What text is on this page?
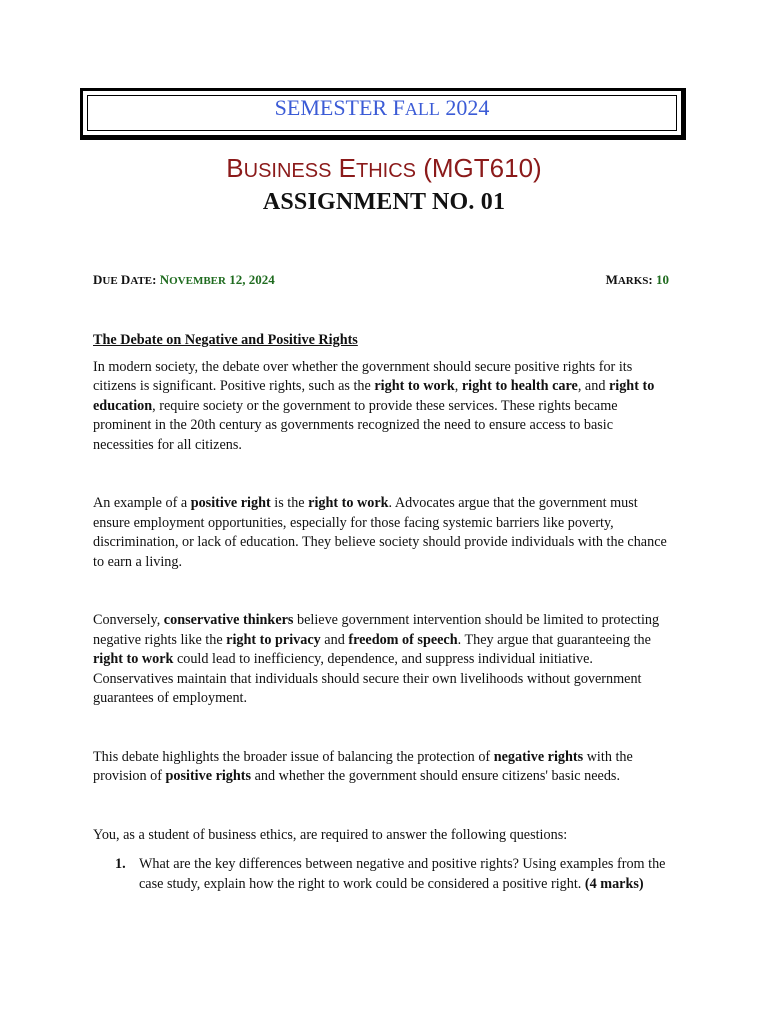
SEMESTER FALL 2024
BUSINESS ETHICS (MGT610)
ASSIGNMENT NO. 01
DUE DATE: NOVEMBER 12, 2024	MARKS: 10
The Debate on Negative and Positive Rights

In modern society, the debate over whether the government should secure positive rights for its citizens is significant. Positive rights, such as the right to work, right to health care, and right to education, require society or the government to provide these services. These rights became prominent in the 20th century as governments recognized the need to ensure access to basic necessities for all citizens.

An example of a positive right is the right to work. Advocates argue that the government must ensure employment opportunities, especially for those facing systemic barriers like poverty, discrimination, or lack of education. They believe society should provide individuals with the chance to earn a living.

Conversely, conservative thinkers believe government intervention should be limited to protecting negative rights like the right to privacy and freedom of speech. They argue that guaranteeing the right to work could lead to inefficiency, dependence, and suppress individual initiative. Conservatives maintain that individuals should secure their own livelihoods without government guarantees of employment.

This debate highlights the broader issue of balancing the protection of negative rights with the provision of positive rights and whether the government should ensure citizens' basic needs.

You, as a student of business ethics, are required to answer the following questions:

1. What are the key differences between negative and positive rights? Using examples from the case study, explain how the right to work could be considered a positive right. (4 marks)
